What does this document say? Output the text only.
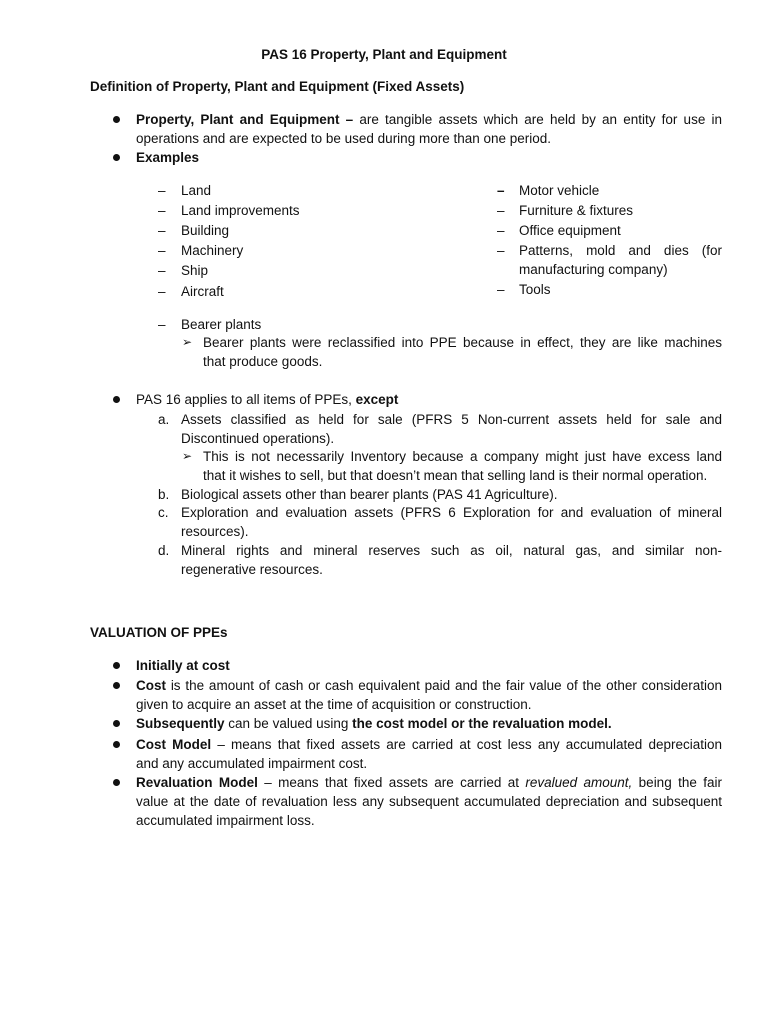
PAS 16 Property, Plant and Equipment
Definition of Property, Plant and Equipment (Fixed Assets)
Property, Plant and Equipment – are tangible assets which are held by an entity for use in
operations and are expected to be used during more than one period.
Examples
– Land
– Land improvements
– Building
– Machinery
– Ship
– Aircraft
– Motor vehicle
– Furniture & fixtures
– Office equipment
– Patterns, mold and dies (for
manufacturing company)
– Tools
– Bearer plants
➢ Bearer plants were reclassified into PPE because in effect, they are like machines
that produce goods.
PAS 16 applies to all items of PPEs, except
a. Assets classified as held for sale (PFRS 5 Non-current assets held for sale and
Discontinued operations).
➢ This is not necessarily Inventory because a company might just have excess land
that it wishes to sell, but that doesn’t mean that selling land is their normal operation.
b. Biological assets other than bearer plants (PAS 41 Agriculture).
c. Exploration and evaluation assets (PFRS 6 Exploration for and evaluation of mineral
resources).
d. Mineral rights and mineral reserves such as oil, natural gas, and similar non-
regenerative resources.
VALUATION OF PPEs
Initially at cost
Cost is the amount of cash or cash equivalent paid and the fair value of the other consideration
given to acquire an asset at the time of acquisition or construction.
Subsequently can be valued using the cost model or the revaluation model.
Cost Model – means that fixed assets are carried at cost less any accumulated depreciation
and any accumulated impairment cost.
Revaluation Model – means that fixed assets are carried at revalued amount, being the fair
value at the date of revaluation less any subsequent accumulated depreciation and subsequent
accumulated impairment loss.
